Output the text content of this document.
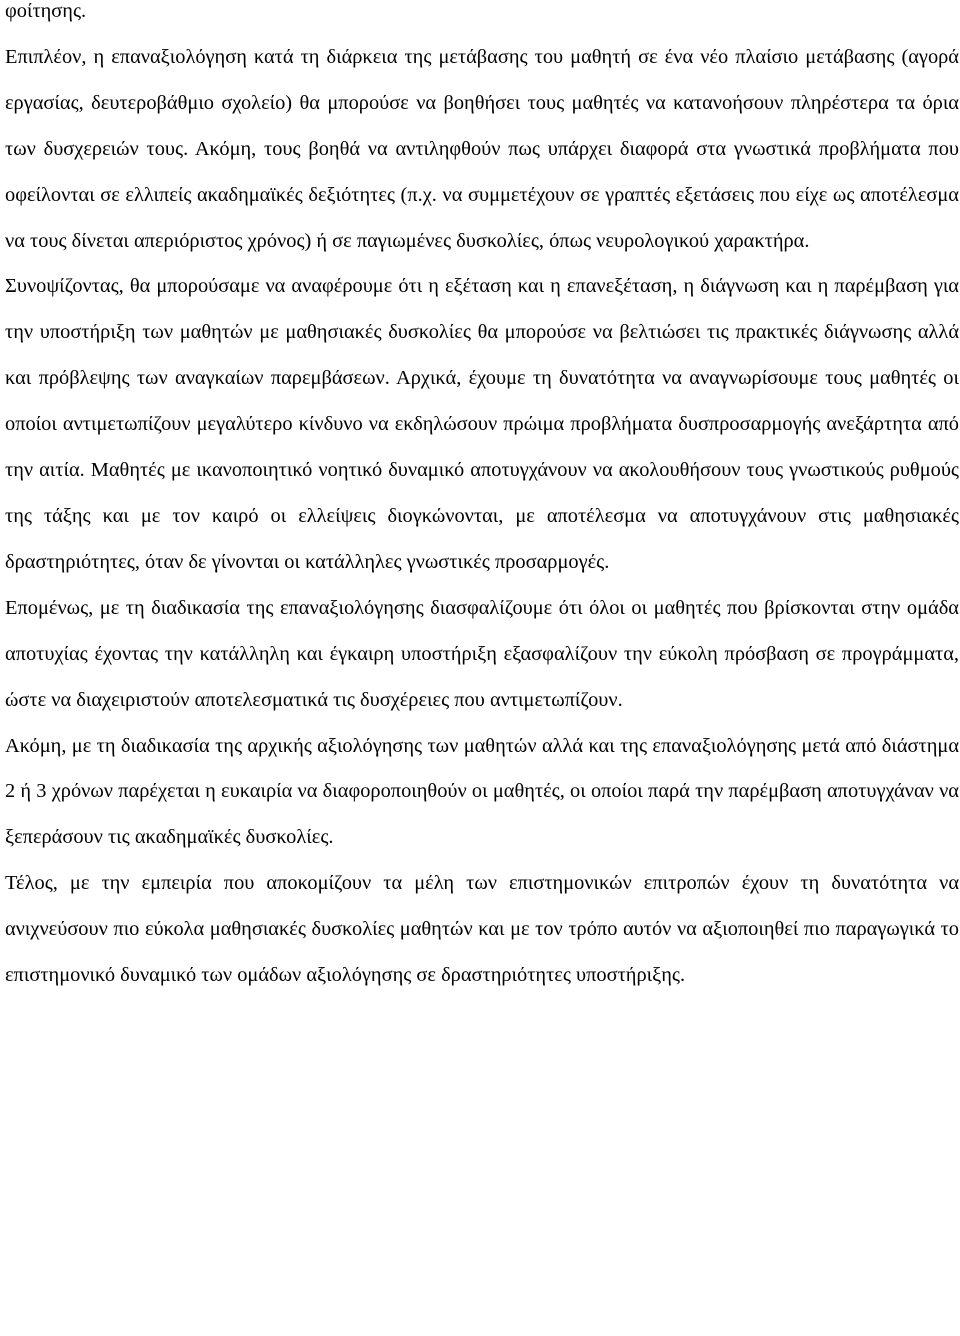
φοίτησης.

Επιπλέον, η επαναξιολόγηση κατά τη διάρκεια της μετάβασης του μαθητή σε ένα νέο πλαίσιο μετάβασης (αγορά εργασίας, δευτεροβάθμιο σχολείο) θα μπορούσε να βοηθήσει τους μαθητές να κατανοήσουν πληρέστερα τα όρια των δυσχερειών τους. Ακόμη, τους βοηθά να αντιληφθούν πως υπάρχει διαφορά στα γνωστικά προβλήματα που οφείλονται σε ελλιπείς ακαδημαϊκές δεξιότητες (π.χ. να συμμετέχουν σε γραπτές εξετάσεις που είχε ως αποτέλεσμα να τους δίνεται απεριόριστος χρόνος) ή σε παγιωμένες δυσκολίες, όπως νευρολογικού χαρακτήρα.

Συνοψίζοντας, θα μπορούσαμε να αναφέρουμε ότι η εξέταση και η επανεξέταση, η διάγνωση και η παρέμβαση για την υποστήριξη των μαθητών με μαθησιακές δυσκολίες θα μπορούσε να βελτιώσει τις πρακτικές διάγνωσης αλλά και πρόβλεψης των αναγκαίων παρεμβάσεων. Αρχικά, έχουμε τη δυνατότητα να αναγνωρίσουμε τους μαθητές οι οποίοι αντιμετωπίζουν μεγαλύτερο κίνδυνο να εκδηλώσουν πρώιμα προβλήματα δυσπροσαρμογής ανεξάρτητα από την αιτία. Μαθητές με ικανοποιητικό νοητικό δυναμικό αποτυγχάνουν να ακολουθήσουν τους γνωστικούς ρυθμούς της τάξης και με τον καιρό οι ελλείψεις διογκώνονται, με αποτέλεσμα να αποτυγχάνουν στις μαθησιακές δραστηριότητες, όταν δε γίνονται οι κατάλληλες γνωστικές προσαρμογές.

Επομένως, με τη διαδικασία της επαναξιολόγησης διασφαλίζουμε ότι όλοι οι μαθητές που βρίσκονται στην ομάδα αποτυχίας έχοντας την κατάλληλη και έγκαιρη υποστήριξη εξασφαλίζουν την εύκολη πρόσβαση σε προγράμματα, ώστε να διαχειριστούν αποτελεσματικά τις δυσχέρειες που αντιμετωπίζουν.

Ακόμη, με τη διαδικασία της αρχικής αξιολόγησης των μαθητών αλλά και της επαναξιολόγησης μετά από διάστημα 2 ή 3 χρόνων παρέχεται η ευκαιρία να διαφοροποιηθούν οι μαθητές, οι οποίοι παρά την παρέμβαση αποτυγχάναν να ξεπεράσουν τις ακαδημαϊκές δυσκολίες.

Τέλος, με την εμπειρία που αποκομίζουν τα μέλη των επιστημονικών επιτροπών έχουν τη δυνατότητα να ανιχνεύσουν πιο εύκολα μαθησιακές δυσκολίες μαθητών και με τον τρόπο αυτόν να αξιοποιηθεί πιο παραγωγικά το επιστημονικό δυναμικό των ομάδων αξιολόγησης σε δραστηριότητες υποστήριξης.
